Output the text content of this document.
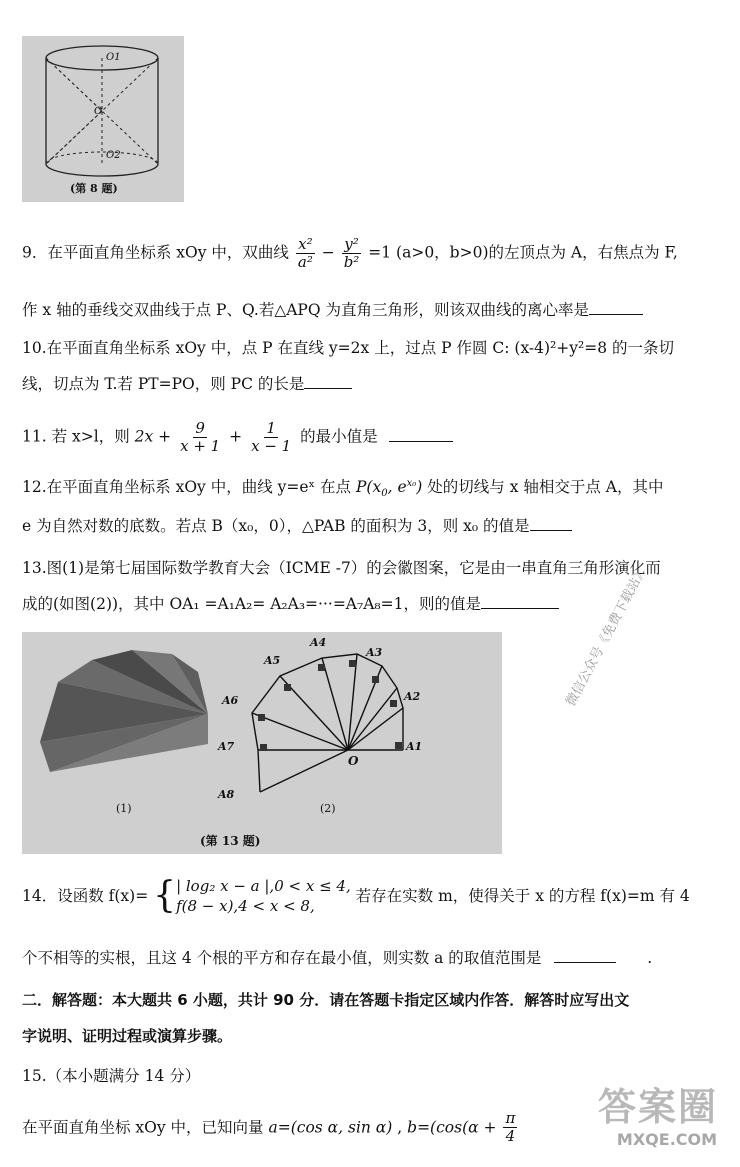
O1
O
O2
(第 8 题)
9．在平面直角坐标系 xOy 中，双曲线 $\frac{\text{x²}}{\text{a²}} - \frac{\text{y²}}{\text{b²}} =1$ (a>0，b>0)的左顶点为 A，右焦点为 F,
作 x 轴的垂线交双曲线于点 P、Q.若△APQ 为直角三角形，则该双曲线的离心率是
10.在平面直角坐标系 xOy 中，点 P 在直线 y=2x 上，过点 P 作圆 C: (x-4)²+y²=8 的一条切
线，切点为 T.若 PT=PO，则 PC 的长是
11. 若 x>l，则 $2x + \frac{9}{x + 1} + \frac{1}{x - 1}$ 的最小值是
12.在平面直角坐标系 xOy 中，曲线 y=eˣ 在点 $P(x_0$, $e^{x_0}$) 处的切线与 x 轴相交于点 A，其中
e 为自然对数的底数。若点 B（x₀，0），△PAB 的面积为 3，则 x₀ 的值是
13.图(1)是第七届国际数学教育大会（ICME -7）的会徽图案，它是由一串直角三角形演化而
成的(如图(2))，其中 OA₁ =A₁A₂= A₂A₃=···=A₇A₈=1，则的值是
A1
A2
A3
A4
A5
A6
A7
A8
O
(1)	(2)
(第 13 题)
微信公众号《免费下载站》
14．设函数 f(x)= { | log₂ x − a |,0 < x ≤ 4,
f(8 − x),4 < x < 8,
若存在实数 m，使得关于 x 的方程 f(x)=m 有 4
个不相等的实根，且这 4 个根的平方和存在最小值，则实数 a 的取值范围是	.
二．解答题：本大题共 6 小题，共计 90 分．请在答题卡指定区域内作答．解答时应写出文
字说明、证明过程或演算步骤。
15.（本小题满分 14 分）
在平面直角坐标 xOy 中，已知向量 a=(cos α, sin α) , $b=(\cos(\alpha + \frac{\pi}{4}$ 答案圈
MXQE.COM
